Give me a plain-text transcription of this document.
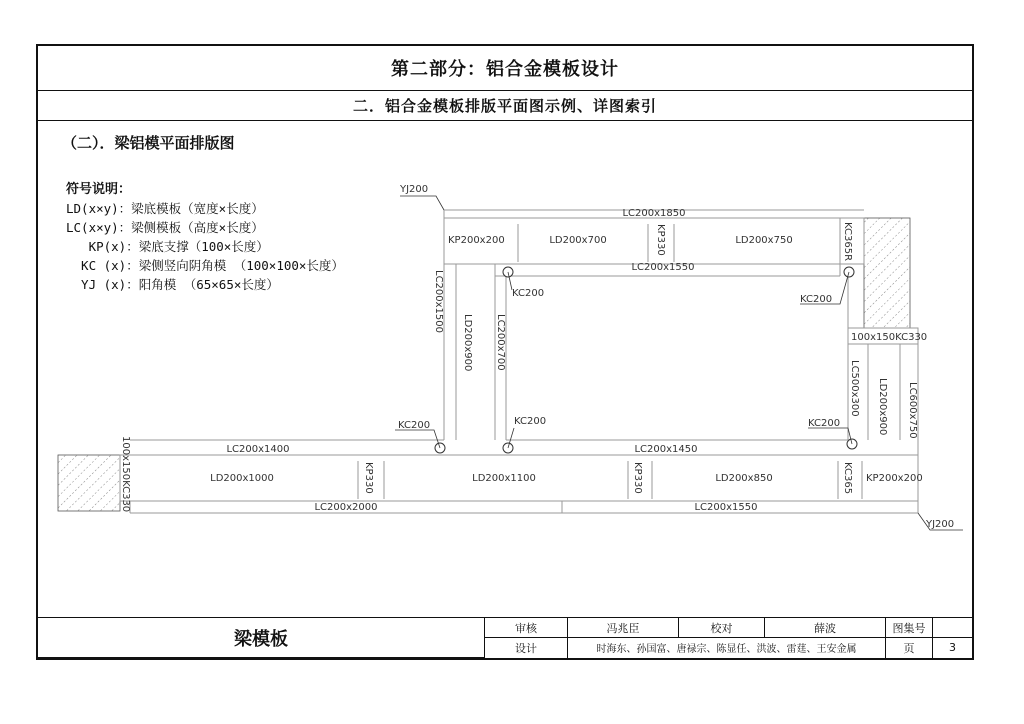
第二部分：铝合金模板设计
二．铝合金模板排版平面图示例、详图索引
（二）．梁铝模平面排版图
符号说明：
LD(x×y)：梁底模板（宽度×长度）
LC(x×y)：梁侧模板（高度×长度）
KP(x)：梁底支撑（100×长度）
KC (x)：梁侧竖向阴角模 （100×100×长度）
YJ (x)：阳角模 （65×65×长度）
梁模板	审核	冯兆臣	校对	薛波	图集号	
	设计	时海东、孙国富、唐禄宗、陈显任、洪波、雷莛、王安金属			页	3
YJ200
YJ200
LC200x1850
KP200x200	LD200x700	LD200x750
LC200x1550
KC200
KC200
KC200	KC200	KC200
100x150KC330
LC200x1400	LC200x1450
LD200x1000	LD200x1100	LD200x850	KP200x200
LC200x2000	LC200x1550
KP330	KC365R
LC200x1500
LD200x900 LC200x700
LC500x300 LD200x900 LC600x750
100x150KC330	KP330	KP330	KC365
